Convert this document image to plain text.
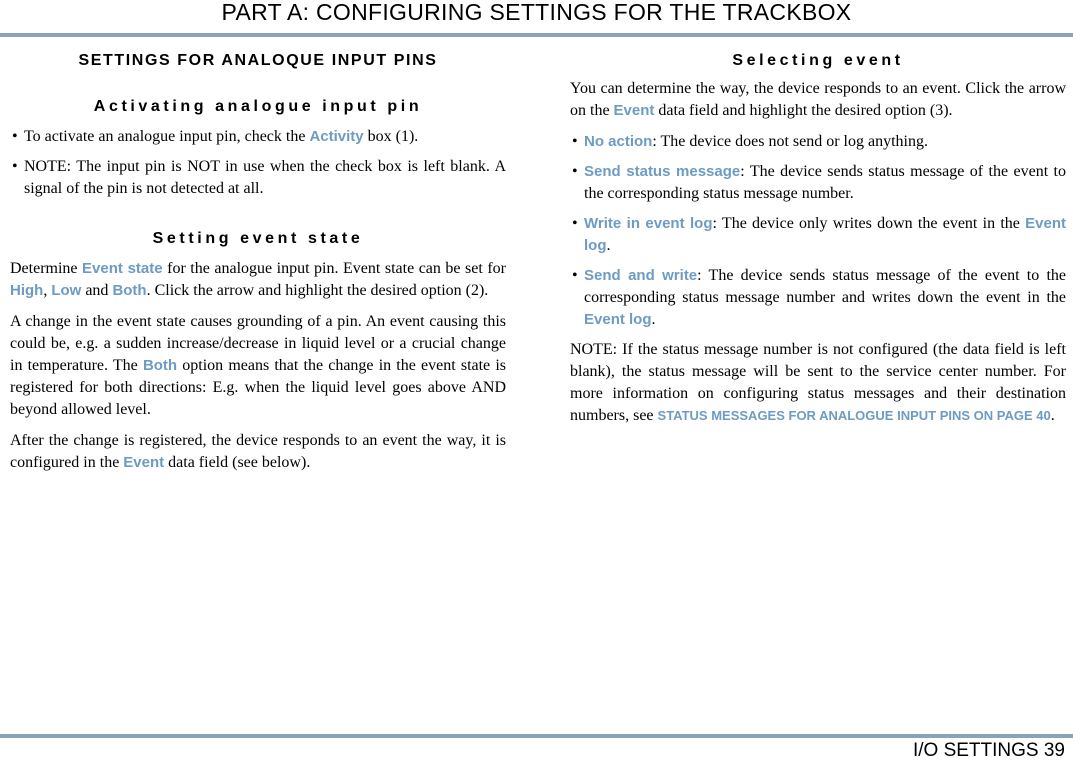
PART A: CONFIGURING SETTINGS FOR THE TRACKBOX
SETTINGS FOR ANALOQUE INPUT PINS
Activating analogue input pin
• To activate an analogue input pin, check the Activity box (1).
• NOTE: The input pin is NOT in use when the check box is left blank. A signal of the pin is not detected at all.
Setting event state

Determine Event state for the analogue input pin. Event state can be set for High, Low and Both. Click the arrow and highlight the desired option (2).

A change in the event state causes grounding of a pin. An event causing this could be, e.g. a sudden increase/decrease in liquid level or a crucial change in temperature. The Both option means that the change in the event state is registered for both directions: E.g. when the liquid level goes above AND beyond allowed level.

After the change is registered, the device responds to an event the way, it is configured in the Event data field (see below).

Selecting event

You can determine the way, the device responds to an event. Click the arrow on the Event data field and highlight the desired option (3).

• No action: The device does not send or log anything.
• Send status message: The device sends status message of the event to the corresponding status message number.
• Write in event log: The device only writes down the event in the Event log.
• Send and write: The device sends status message of the event to the corresponding status message number and writes down the event in the Event log.

NOTE: If the status message number is not configured (the data field is left blank), the status message will be sent to the service center number. For more information on configuring status messages and their destination numbers, see STATUS MESSAGES FOR ANALOGUE INPUT PINS ON PAGE 40.

I/O SETTINGS 39
